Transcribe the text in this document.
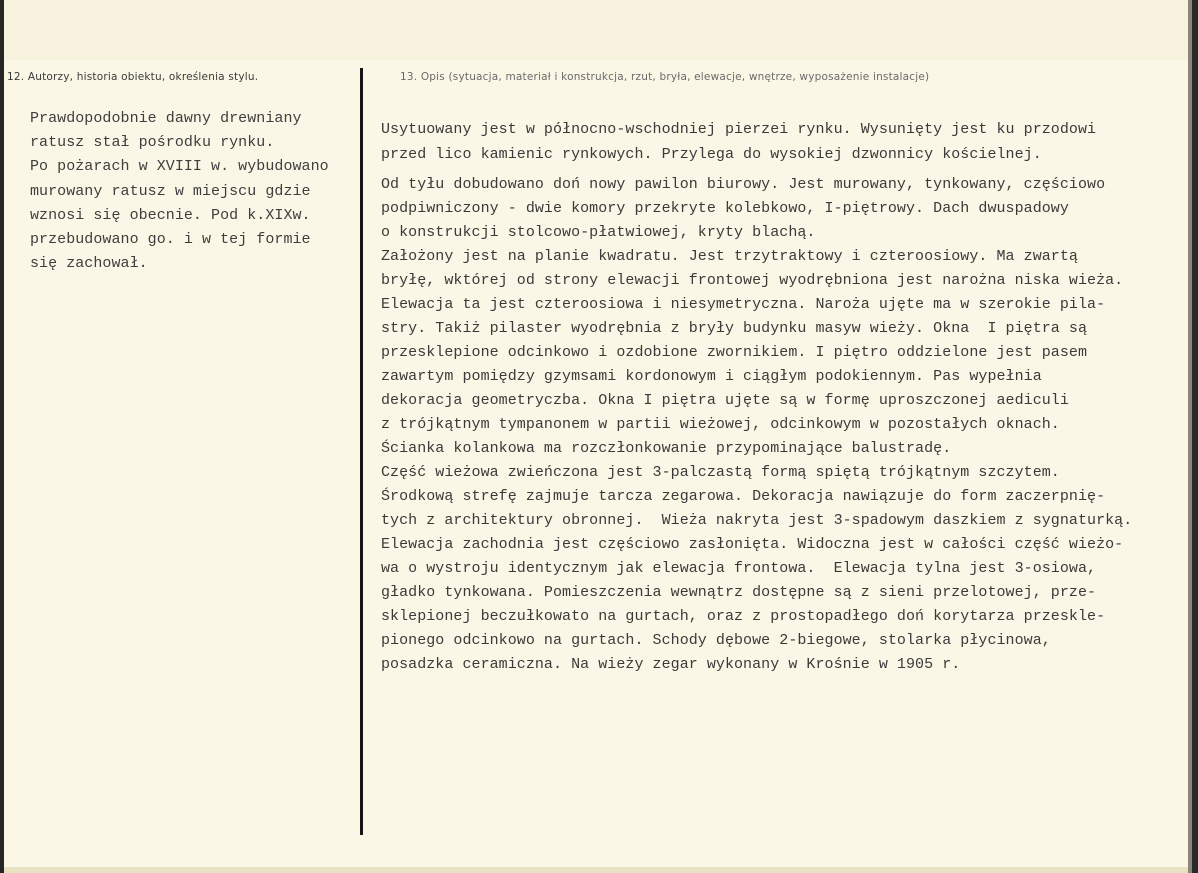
12. Autorzy, historia obiektu, określenia stylu.	13. Opis (sytuacja, materiał i konstrukcja, rzut, bryła, elewacje, wnętrze, wyposażenie instalacje)
Prawdopodobnie dawny drewniany
ratusz stał pośrodku rynku.
Po pożarach w XVIII w. wybudowano
murowany ratusz w miejscu gdzie
wznosi się obecnie. Pod k.XIXw.
przebudowano go. i w tej formie
się zachował.
Usytuowany jest w północno-wschodniej pierzei rynku. Wysunięty jest ku przodowi
przed lico kamienic rynkowych. Przylega do wysokiej dzwonnicy kościelnej.
Od tyłu dobudowano doń nowy pawilon biurowy. Jest murowany, tynkowany, częściowo
podpiwniczony - dwie komory przekryte kolebkowo, I-piętrowy. Dach dwuspadowy
o konstrukcji stolcowo-płatwiowej, kryty blachą.
Założony jest na planie kwadratu. Jest trzytraktowy i czteroosiowy. Ma zwartą
bryłę, wktórej od strony elewacji frontowej wyodrębniona jest narożna niska wieża.
Elewacja ta jest czteroosiowa i niesymetryczna. Naroża ujęte ma w szerokie pila-
stry. Takiż pilaster wyodrębnia z bryły budynku masyw wieży. Okna  I piętra są
przesklepione odcinkowo i ozdobione zwornikiem. I piętro oddzielone jest pasem
zawartym pomiędzy gzymsami kordonowym i ciągłym podokiennym. Pas wypełnia
dekoracja geometryczba. Okna I piętra ujęte są w formę uproszczonej aediculi
z trójkątnym tympanonem w partii wieżowej, odcinkowym w pozostałych oknach.
Ścianka kolankowa ma rozczłonkowanie przypominające balustradę.
Część wieżowa zwieńczona jest 3-palczastą formą spiętą trójkątnym szczytem.
Środkową strefę zajmuje tarcza zegarowa. Dekoracja nawiązuje do form zaczerpnię-
tych z architektury obronnej.  Wieża nakryta jest 3-spadowym daszkiem z sygnaturką.
Elewacja zachodnia jest częściowo zasłonięta. Widoczna jest w całości część wieżo-
wa o wystroju identycznym jak elewacja frontowa.  Elewacja tylna jest 3-osiowa,
gładko tynkowana. Pomieszczenia wewnątrz dostępne są z sieni przelotowej, prze-
sklepionej beczułkowato na gurtach, oraz z prostopadłego doń korytarza przeskle-
pionego odcinkowo na gurtach. Schody dębowe 2-biegowe, stolarka płycinowa,
posadzka ceramiczna. Na wieży zegar wykonany w Krośnie w 1905 r.
